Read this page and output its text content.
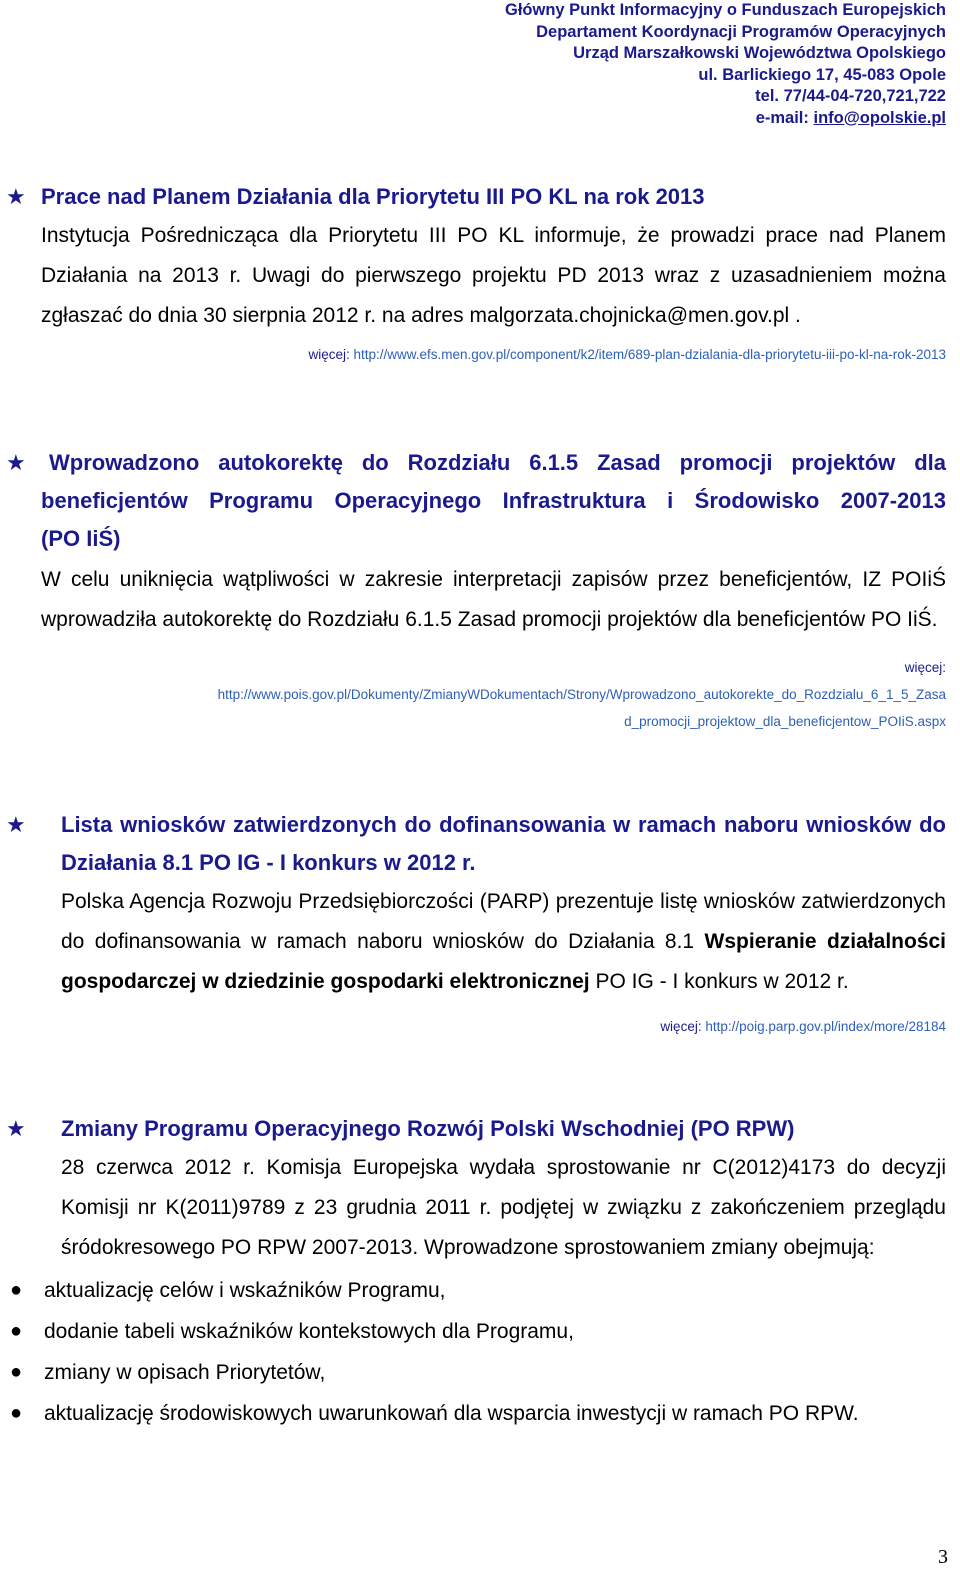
Główny Punkt Informacyjny o Funduszach Europejskich
Departament Koordynacji Programów Operacyjnych
Urząd Marszałkowski Województwa Opolskiego
ul. Barlickiego 17, 45-083 Opole
tel. 77/44-04-720,721,722
e-mail: info@opolskie.pl
★ Prace nad Planem Działania dla Priorytetu III PO KL na rok 2013
Instytucja Pośrednicząca dla Priorytetu III PO KL informuje, że prowadzi prace nad Planem Działania na 2013 r. Uwagi do pierwszego projektu PD 2013 wraz z uzasadnieniem można zgłaszać do dnia 30 sierpnia 2012 r. na adres malgorzata.chojnicka@men.gov.pl .
więcej: http://www.efs.men.gov.pl/component/k2/item/689-plan-dzialania-dla-priorytetu-iii-po-kl-na-rok-2013
★	Wprowadzono autokorektę do Rozdziału 6.1.5 Zasad promocji projektów dla
beneficjentów Programu Operacyjnego Infrastruktura i Środowisko 2007-2013
(PO IiŚ)
W celu uniknięcia wątpliwości w zakresie interpretacji zapisów przez beneficjentów, IZ POIiŚ wprowadziła autokorektę do Rozdziału 6.1.5 Zasad promocji projektów dla beneficjentów PO IiŚ.
więcej:
http://www.pois.gov.pl/Dokumenty/ZmianyWDokumentach/Strony/Wprowadzono_autokorekte_do_Rozdzialu_6_1_5_Zasa
d_promocji_projektow_dla_beneficjentow_POIiS.aspx
★ Lista wniosków zatwierdzonych do dofinansowania w ramach naboru wniosków do Działania 8.1 PO IG - I konkurs w 2012 r.
Polska Agencja Rozwoju Przedsiębiorczości (PARP) prezentuje listę wniosków zatwierdzonych do dofinansowania w ramach naboru wniosków do Działania 8.1 Wspieranie działalności gospodarczej w dziedzinie gospodarki elektronicznej PO IG - I konkurs w 2012 r.
więcej: http://poig.parp.gov.pl/index/more/28184
★ Zmiany Programu Operacyjnego Rozwój Polski Wschodniej (PO RPW)
28 czerwca 2012 r. Komisja Europejska wydała sprostowanie nr C(2012)4173 do decyzji Komisji nr K(2011)9789 z 23 grudnia 2011 r. podjętej w związku z zakończeniem przeglądu śródokresowego PO RPW 2007-2013. Wprowadzone sprostowaniem zmiany obejmują:
● aktualizację celów i wskaźników Programu,
● dodanie tabeli wskaźników kontekstowych dla Programu,
● zmiany w opisach Priorytetów,
● aktualizację środowiskowych uwarunkowań dla wsparcia inwestycji w ramach PO RPW.
3
